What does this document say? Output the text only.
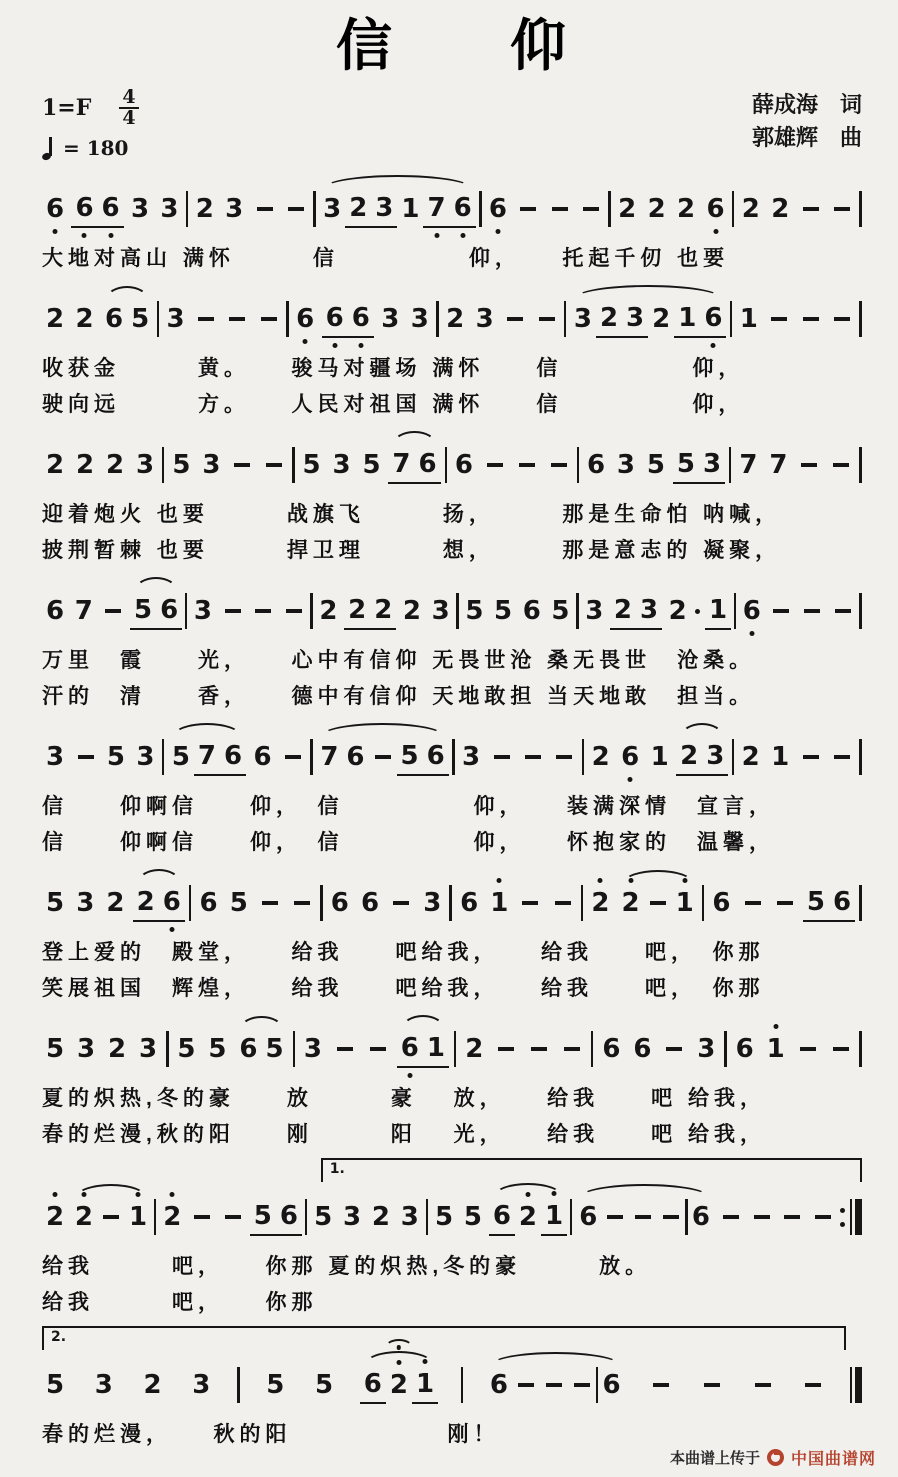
信　　仰
$1=F \frac{4}{4}$
= 180
薛成海　词
郭雄辉　曲
6 6 6 3 3 2 3	3 2 3 1 7 6 6	2 2 2 6 2 2
大地对高山 满怀　　　信　　　　　仰，　　托起千仞 也要
2 2 6 5 3	6 6 6 3 3 2 3	3 2 3 2 1 6 1
收获金　　　黄。　　骏马对疆场 满怀　　信　　　　　仰，
驶向远　　　方。　　人民对祖国 满怀　　信　　　　　仰，
2 2 2 3 5 3	5 3 5 7 6 6	6 3 5 5 3 7 7
迎着炮火 也要　　　战旗飞　　　扬，　　　那是生命怕 呐喊，
披荆暂棘 也要　　　捍卫理　　　想，　　　那是意志的 凝聚，
6 7 5 6 3	2 2 2 2 3 5 5 6 5 3 2 3 2 1 6
万里　霞　　光，　　心中有信仰 无畏世沧 桑无畏世　沧桑。
汗的　清　　香，　　德中有信仰 天地敢担 当天地敢　担当。
3 5 3 5 7 6 6 7 6 5 6 3	2 6 1 2 3 2 1
信　　仰啊信　　仰，　信　　　　　仰，　　装满深情　宣言，
信　　仰啊信　　仰，　信　　　　　仰，　　怀抱家的　温馨，
5 3 2 2 6 6 5	6 6 3 6 1	2 2 1 6	5 6
登上爱的　殿堂，　　给我　　吧给我，　　给我　　吧，　你那
笑展祖国　辉煌，　　给我　　吧给我，　　给我　　吧，　你那
5 3 2 3 5 5 6 5 3	6 1 2	6 6 3 6 1
夏的炽热,冬的豪　　放　　　豪　 放，　　给我　　吧 给我，
春的烂漫,秋的阳　　刚　　　阳　 光，　　给我　　吧 给我，
1.
2 2 1 2	5 6 5 3 2 3 5 5 6 2 1 6	6
给我　　　吧，　　你那 夏的炽热,冬的豪　　　放。
给我　　　吧，　　你那
2.
5 3 2 3 5 5 6 2 1 6	6
春的烂漫，　　秋的阳　　　　　　刚！
本曲谱上传于 中国曲谱网
